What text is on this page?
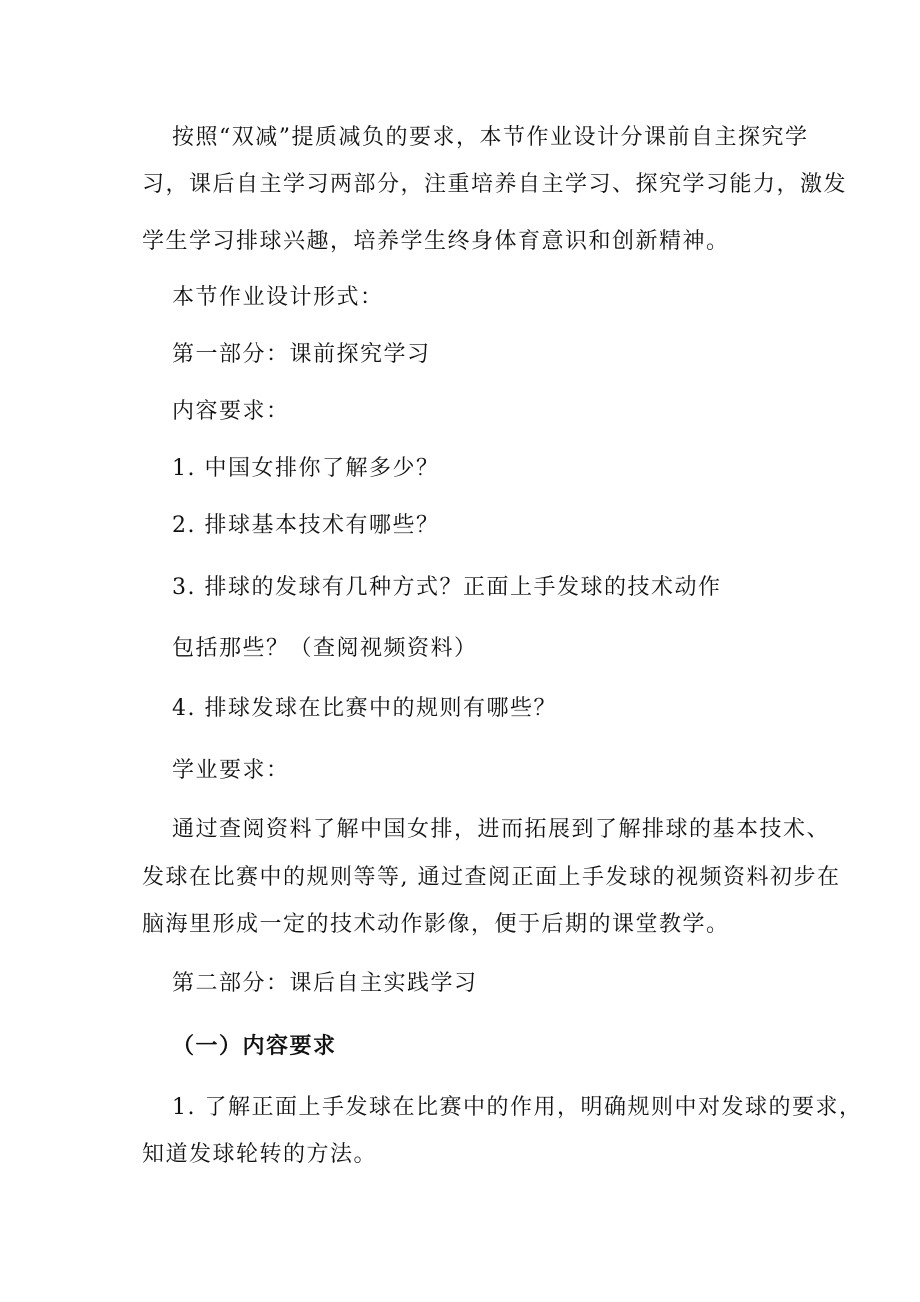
按照“双减”提质减负的要求，本节作业设计分课前自主探究学
习，课后自主学习两部分，注重培养自主学习、探究学习能力，激发
学生学习排球兴趣，培养学生终身体育意识和创新精神。
本节作业设计形式：
第一部分：课前探究学习
内容要求：
1. 中国女排你了解多少？
2. 排球基本技术有哪些？
3. 排球的发球有几种方式？正面上手发球的技术动作
包括那些？（查阅视频资料）
4. 排球发球在比赛中的规则有哪些？
学业要求：
通过查阅资料了解中国女排，进而拓展到了解排球的基本技术、
发球在比赛中的规则等等, 通过查阅正面上手发球的视频资料初步在
脑海里形成一定的技术动作影像，便于后期的课堂教学。
第二部分：课后自主实践学习
（一）内容要求
1. 了解正面上手发球在比赛中的作用，明确规则中对发球的要求，
知道发球轮转的方法。
